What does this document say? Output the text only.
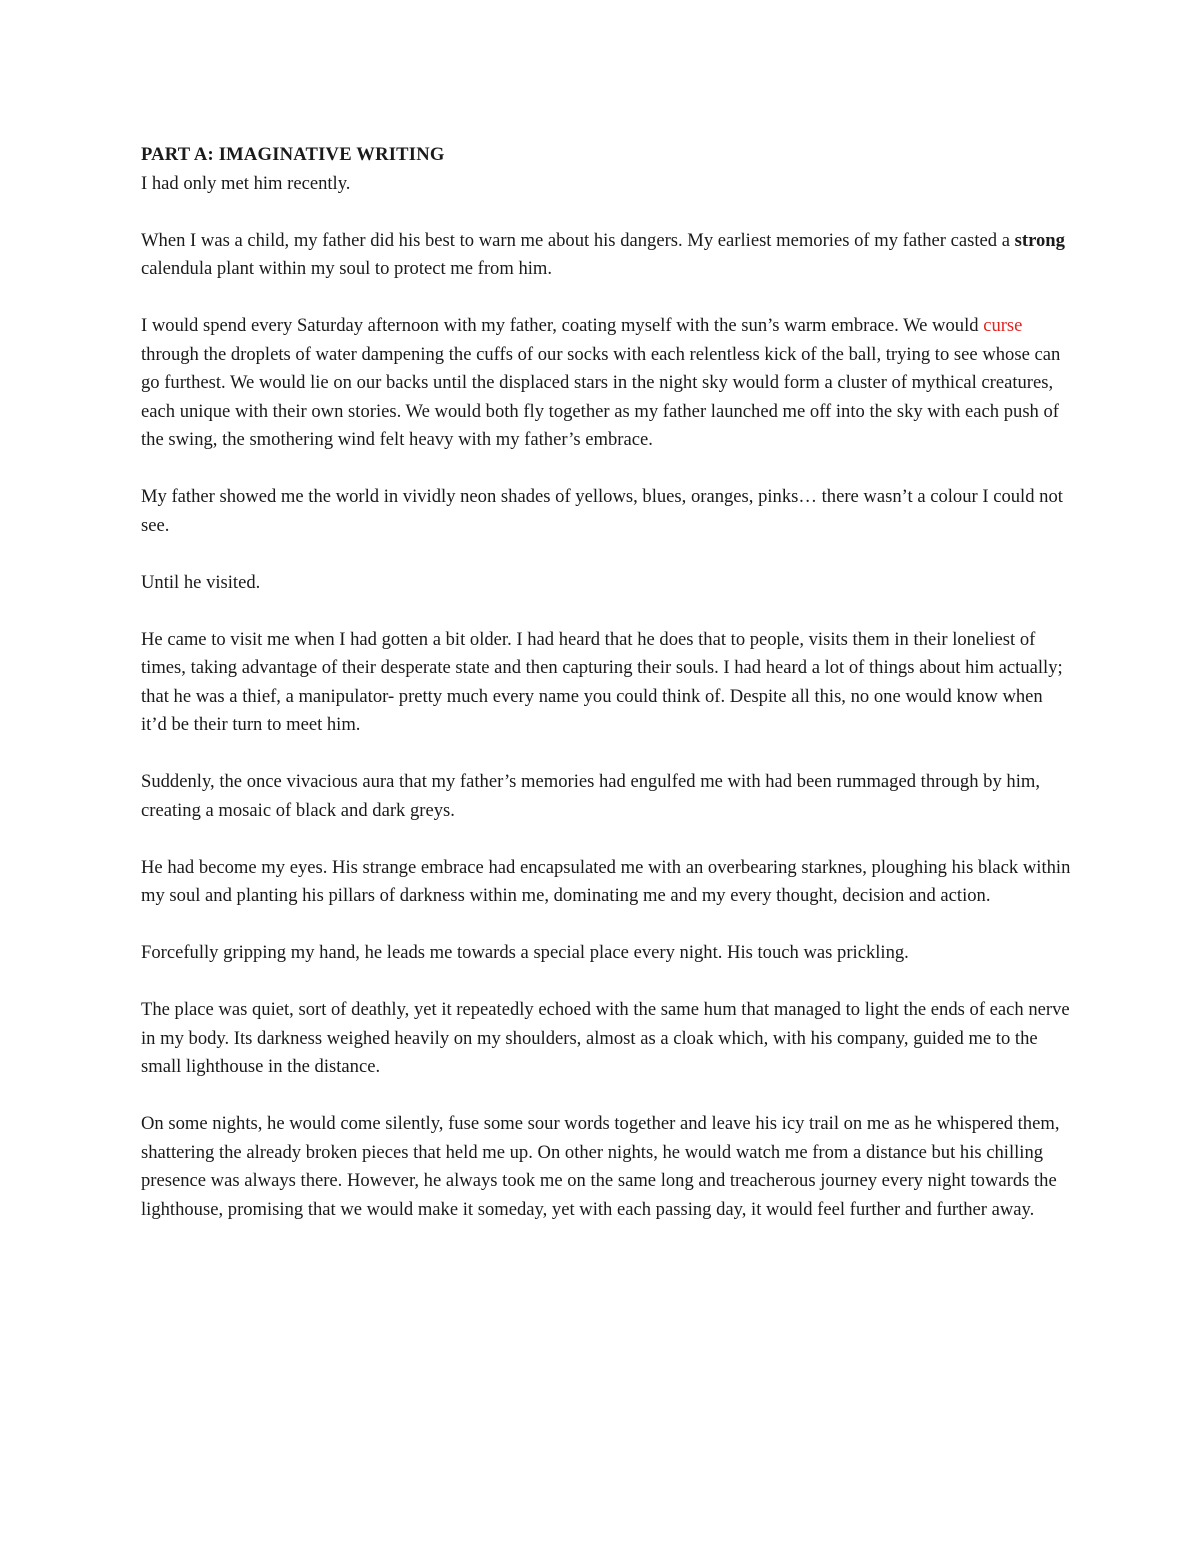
PART A: IMAGINATIVE WRITING

I had only met him recently.

When I was a child, my father did his best to warn me about his dangers. My earliest memories of my father casted a strong calendula plant within my soul to protect me from him.

I would spend every Saturday afternoon with my father, coating myself with the sun’s warm embrace. We would curse through the droplets of water dampening the cuffs of our socks with each relentless kick of the ball, trying to see whose can go furthest. We would lie on our backs until the displaced stars in the night sky would form a cluster of mythical creatures, each unique with their own stories. We would both fly together as my father launched me off into the sky with each push of the swing, the smothering wind felt heavy with my father’s embrace.

My father showed me the world in vividly neon shades of yellows, blues, oranges, pinks… there wasn’t a colour I could not see.

Until he visited.

He came to visit me when I had gotten a bit older. I had heard that he does that to people, visits them in their loneliest of times, taking advantage of their desperate state and then capturing their souls. I had heard a lot of things about him actually; that he was a thief, a manipulator- pretty much every name you could think of. Despite all this, no one would know when it’d be their turn to meet him.

Suddenly, the once vivacious aura that my father’s memories had engulfed me with had been rummaged through by him, creating a mosaic of black and dark greys.

He had become my eyes. His strange embrace had encapsulated me with an overbearing starknes, ploughing his black within my soul and planting his pillars of darkness within me, dominating me and my every thought, decision and action.

Forcefully gripping my hand, he leads me towards a special place every night. His touch was prickling.

The place was quiet, sort of deathly, yet it repeatedly echoed with the same hum that managed to light the ends of each nerve in my body. Its darkness weighed heavily on my shoulders, almost as a cloak which, with his company, guided me to the small lighthouse in the distance.

On some nights, he would come silently, fuse some sour words together and leave his icy trail on me as he whispered them, shattering the already broken pieces that held me up. On other nights, he would watch me from a distance but his chilling presence was always there. However, he always took me on the same long and treacherous journey every night towards the lighthouse, promising that we would make it someday, yet with each passing day, it would feel further and further away.
